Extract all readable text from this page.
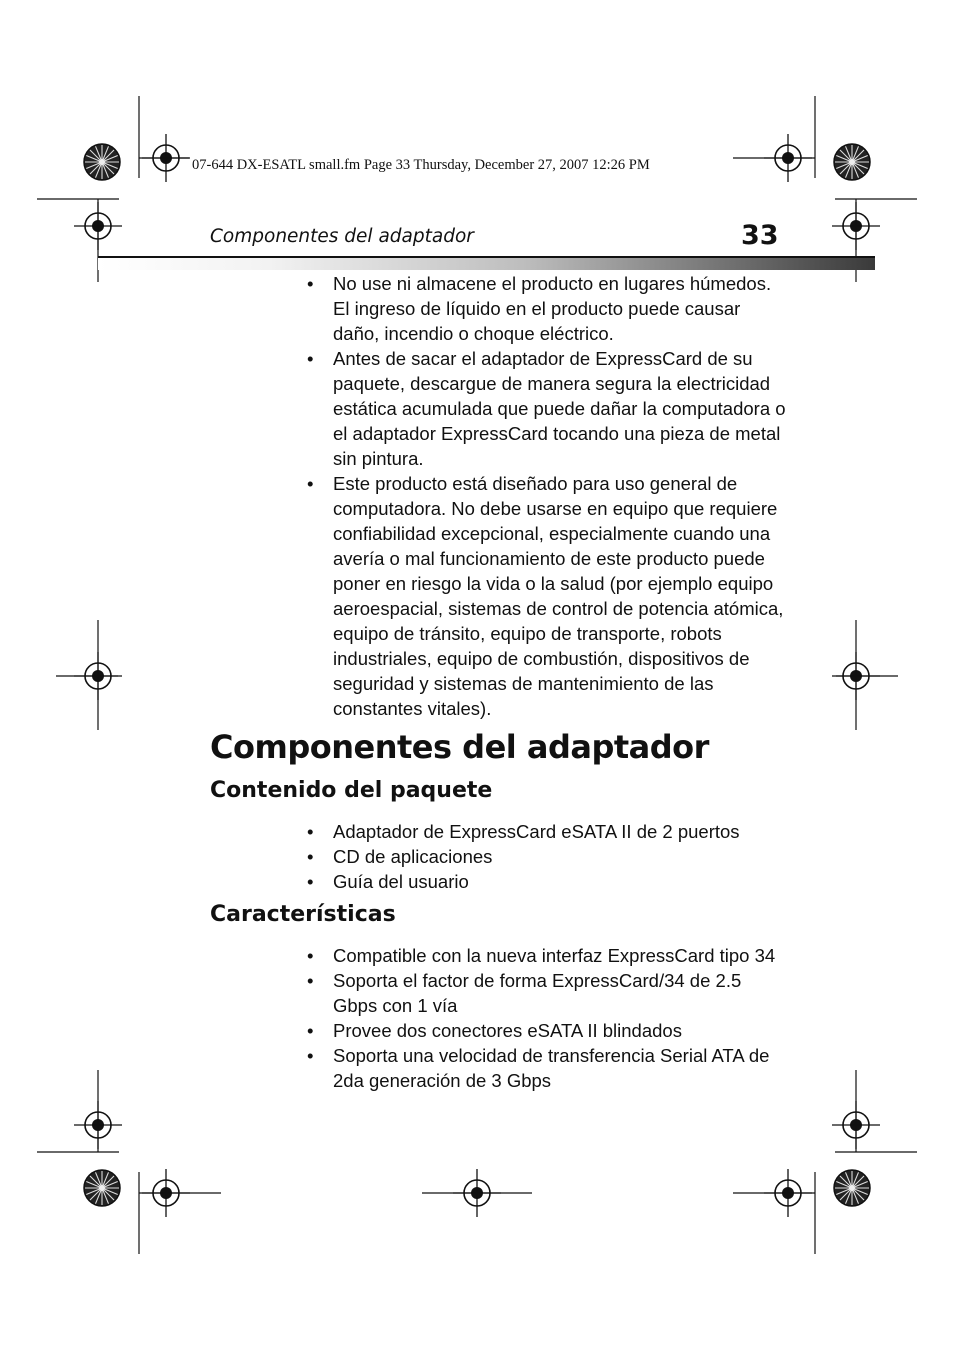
07-644 DX-ESATL small.fm Page 33 Thursday, December 27, 2007 12:26 PM
Componentes del adaptador	33
• No use ni almacene el producto en lugares húmedos. El ingreso de líquido en el producto puede causar daño, incendio o choque eléctrico.
• Antes de sacar el adaptador de ExpressCard de su paquete, descargue de manera segura la electricidad estática acumulada que puede dañar la computadora o el adaptador ExpressCard tocando una pieza de metal sin pintura.
• Este producto está diseñado para uso general de computadora. No debe usarse en equipo que requiere confiabilidad excepcional, especialmente cuando una avería o mal funcionamiento de este producto puede poner en riesgo la vida o la salud (por ejemplo equipo aeroespacial, sistemas de control de potencia atómica, equipo de tránsito, equipo de transporte, robots industriales, equipo de combustión, dispositivos de seguridad y sistemas de mantenimiento de las constantes vitales).
Componentes del adaptador
Contenido del paquete
• Adaptador de ExpressCard eSATA II de 2 puertos
• CD de aplicaciones
• Guía del usuario
Características
• Compatible con la nueva interfaz ExpressCard tipo 34
• Soporta el factor de forma ExpressCard/34 de 2.5 Gbps con 1 vía
• Provee dos conectores eSATA II blindados
• Soporta una velocidad de transferencia Serial ATA de 2da generación de 3 Gbps
